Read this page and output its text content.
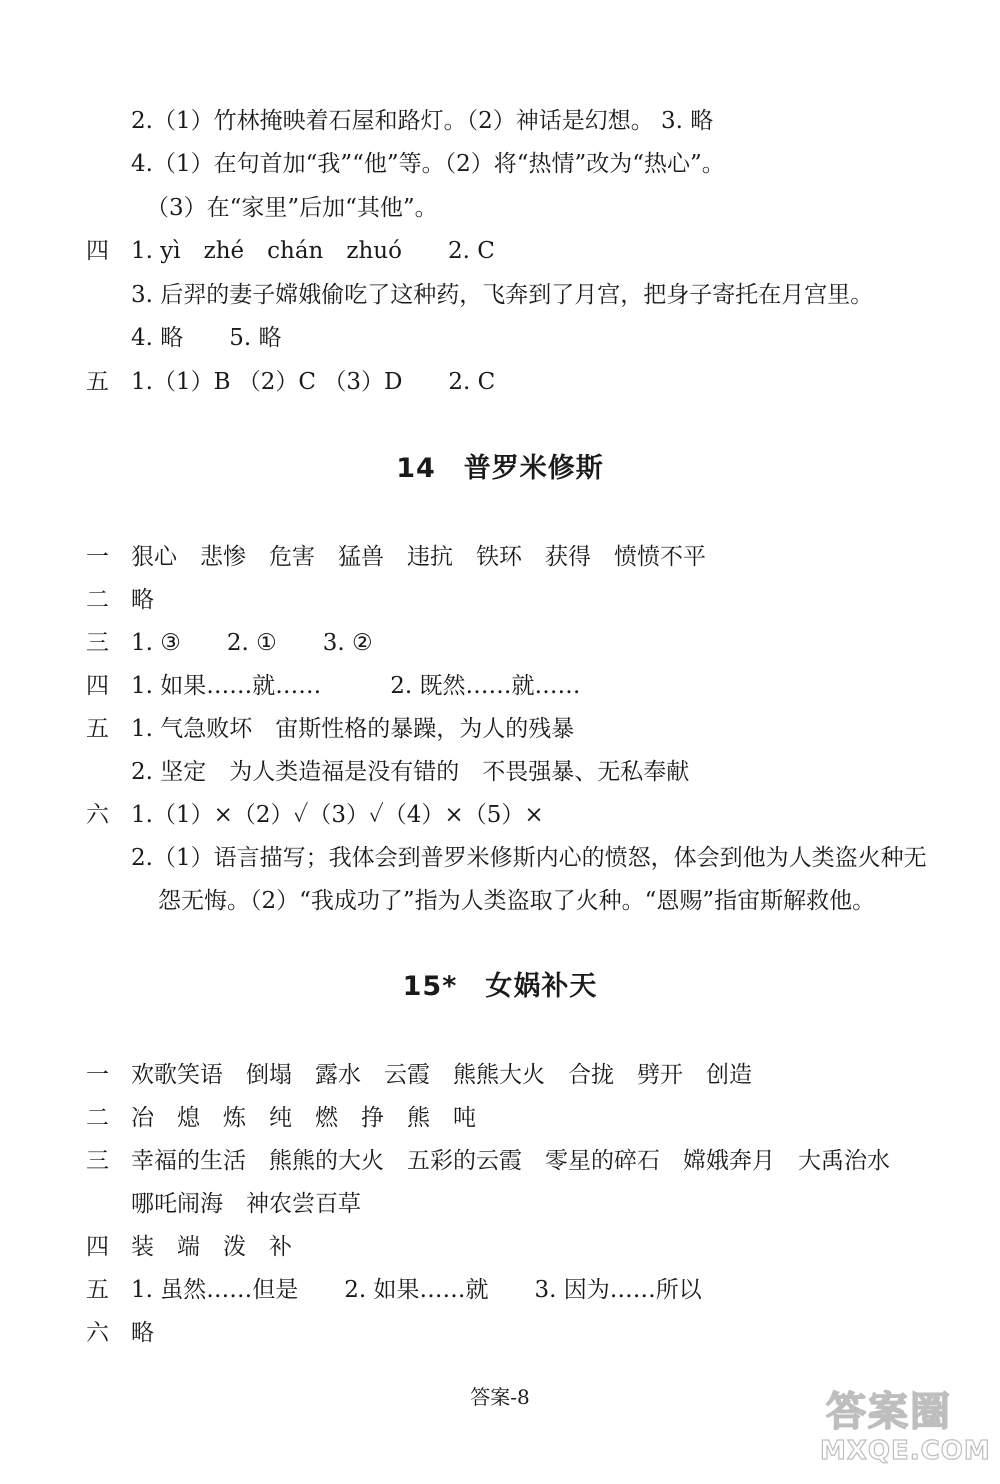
2.（1）竹林掩映着石屋和路灯。（2）神话是幻想。 3. 略
4.（1）在句首加“我”“他”等。（2）将“热情”改为“热心”。
（3）在“家里”后加“其他”。
四 1. yì　zhé　chán　zhuó　　2. C
3. 后羿的妻子嫦娥偷吃了这种药，飞奔到了月宫，把身子寄托在月宫里。
4. 略　　5. 略
五 1.（1）B （2）C （3）D　　2. C
14　普罗米修斯
一 狠心　悲惨　危害　猛兽　违抗　铁环　获得　愤愤不平
二 略
三 1. ③　　2. ①　　3. ②
四 1. 如果……就……　　　2. 既然……就……
五 1. 气急败坏　宙斯性格的暴躁，为人的残暴
2. 坚定　为人类造福是没有错的　不畏强暴、无私奉献
六 1.（1）×（2）✓（3）✓（4）×（5）×
2.（1）语言描写；我体会到普罗米修斯内心的愤怒，体会到他为人类盗火种无
怨无悔。（2）“我成功了”指为人类盗取了火种。“恩赐”指宙斯解救他。
15*　女娲补天
一 欢歌笑语　倒塌　露水　云霞　熊熊大火　合拢　劈开　创造
二 冶　熄　炼　纯　燃　挣　熊　吨
三 幸福的生活　熊熊的大火　五彩的云霞　零星的碎石　嫦娥奔月　大禹治水
哪吒闹海　神农尝百草
四 装　端　泼　补
五 1. 虽然……但是　　2. 如果……就　　3. 因为……所以
六 略
答案-8	答案圈
MXQE.COM
